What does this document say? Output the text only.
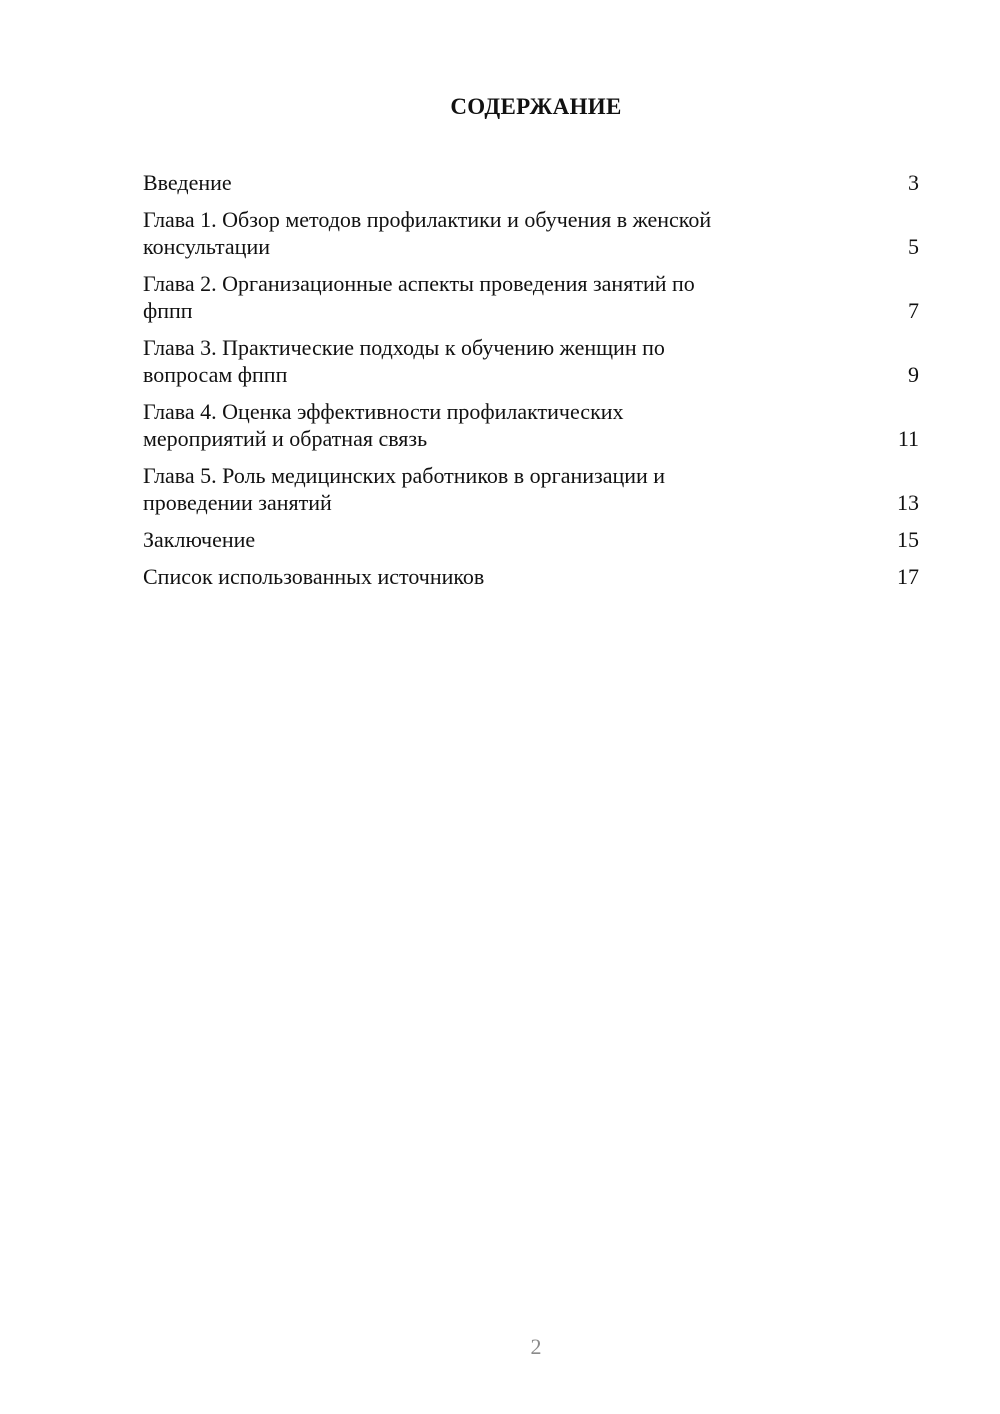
СОДЕРЖАНИЕ
Введение	3
Глава 1. Обзор методов профилактики и обучения в женской
консультации	5
Глава 2. Организационные аспекты проведения занятий по
фппп	7
Глава 3. Практические подходы к обучению женщин по
вопросам фппп	9
Глава 4. Оценка эффективности профилактических
мероприятий и обратная связь	11
Глава 5. Роль медицинских работников в организации и
проведении занятий	13
Заключение	15
Список использованных источников	17
2
